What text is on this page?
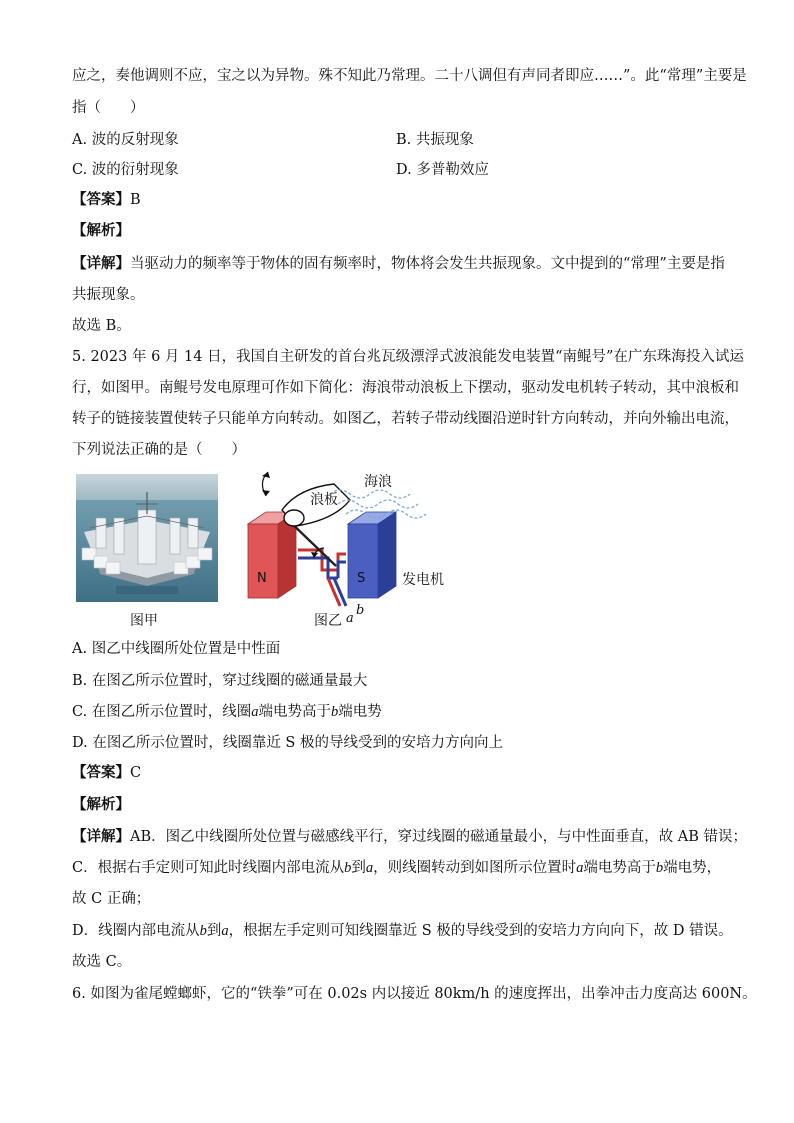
应之，奏他调则不应，宝之以为异物。殊不知此乃常理。二十八调但有声同者即应……”。此“常理”主要是
指（　　）
A. 波的反射现象	B. 共振现象
C. 波的衍射现象	D. 多普勒效应
【答案】B
【解析】
【详解】当驱动力的频率等于物体的固有频率时，物体将会发生共振现象。文中提到的“常理”主要是指
共振现象。
故选 B。
5. 2023 年 6 月 14 日，我国自主研发的首台兆瓦级漂浮式波浪能发电装置“南鲲号”在广东珠海投入试运
行，如图甲。南鲲号发电原理可作如下简化：海浪带动浪板上下摆动，驱动发电机转子转动，其中浪板和
转子的链接装置使转子只能单方向转动。如图乙，若转子带动线圈沿逆时针方向转动，并向外输出电流，
下列说法正确的是（　　）
图甲
浪板
海浪
N	S	发电机
a
b
图乙
A. 图乙中线圈所处位置是中性面
B. 在图乙所示位置时，穿过线圈的磁通量最大
C. 在图乙所示位置时，线圈a端电势高于b端电势
D. 在图乙所示位置时，线圈靠近 S 极的导线受到的安培力方向向上
【答案】C
【解析】
【详解】AB．图乙中线圈所处位置与磁感线平行，穿过线圈的磁通量最小，与中性面垂直，故 AB 错误；
C．根据右手定则可知此时线圈内部电流从b到a，则线圈转动到如图所示位置时a端电势高于b端电势，
故 C 正确；
D．线圈内部电流从b到a，根据左手定则可知线圈靠近 S 极的导线受到的安培力方向向下，故 D 错误。
故选 C。
6. 如图为雀尾螳螂虾，它的“铁拳”可在 0.02s 内以接近 80km/h 的速度挥出，出拳冲击力度高达 600N。
